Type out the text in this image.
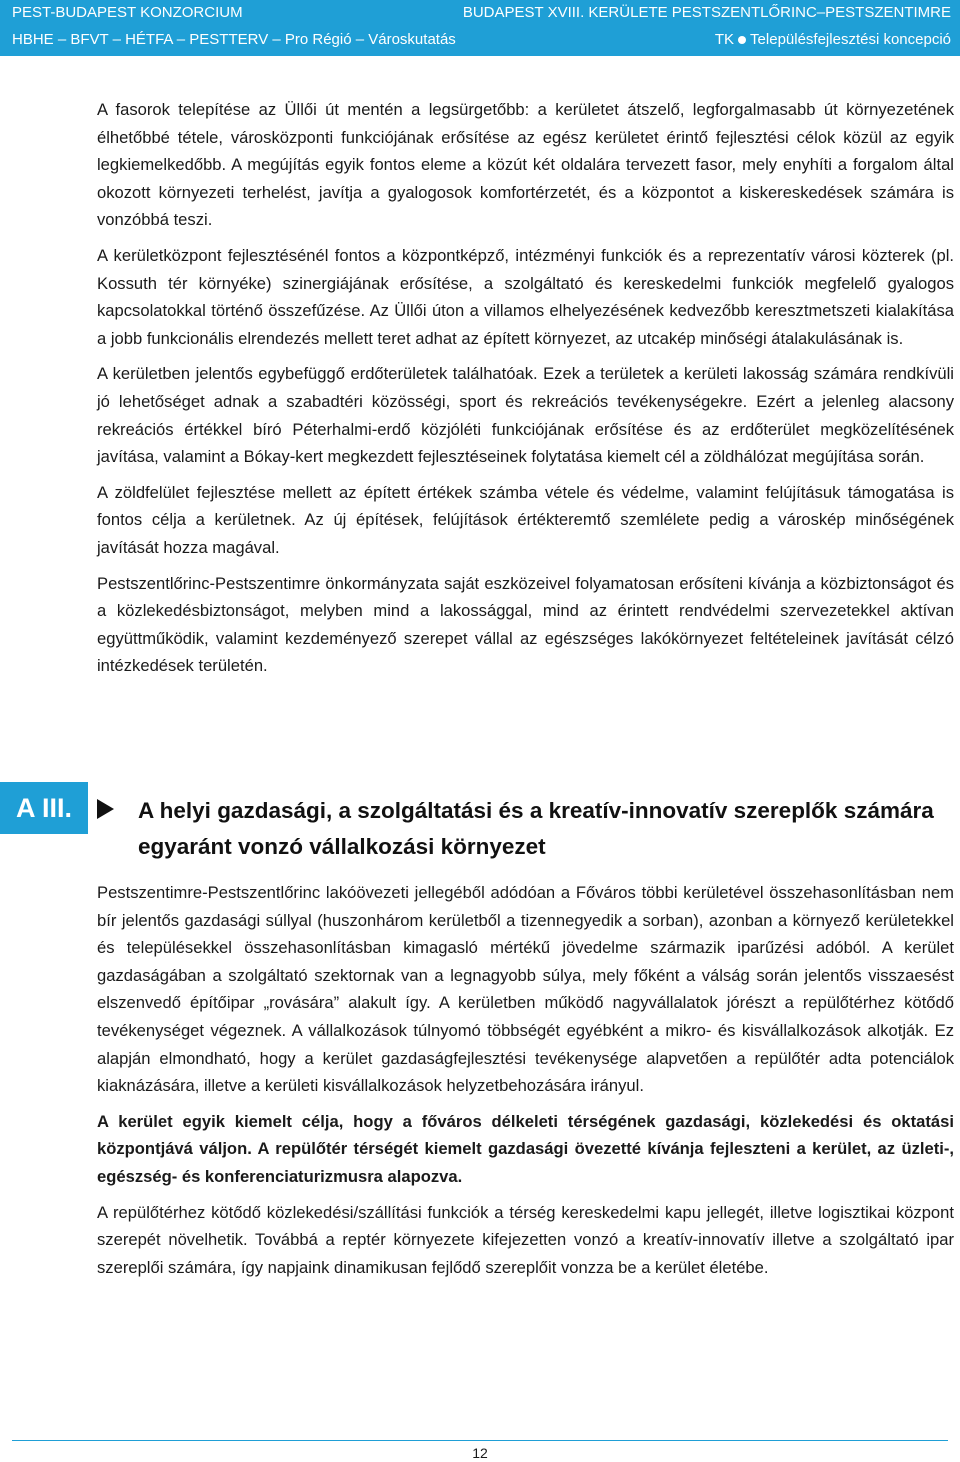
PEST-BUDAPEST KONZORCIUM	BUDAPEST XVIII. KERÜLETE PESTSZENTLŐRINC–PESTSZENTIMRE
HBHE – BFVT – HÉTFA – PESTTERV – Pro Régió – Városkutatás	TK Településfejlesztési koncepció

A fasorok telepítése az Üllői út mentén a legsürgetőbb: a kerületet átszelő, legforgalmasabb út környezetének élhetőbbé tétele, városközponti funkciójának erősítése az egész kerületet érintő fejlesztési célok közül az egyik legkiemelkedőbb. A megújítás egyik fontos eleme a közút két oldalára tervezett fasor, mely enyhíti a forgalom által okozott környezeti terhelést, javítja a gyalogosok komfortérzetét, és a központot a kiskereskedések számára is vonzóbbá teszi.

A kerületközpont fejlesztésénél fontos a központképző, intézményi funkciók és a reprezentatív városi közterek (pl. Kossuth tér környéke) szinergiájának erősítése, a szolgáltató és kereskedelmi funkciók megfelelő gyalogos kapcsolatokkal történő összefűzése. Az Üllői úton a villamos elhelyezésének kedvezőbb keresztmetszeti kialakítása a jobb funkcionális elrendezés mellett teret adhat az épített környezet, az utcakép minőségi átalakulásának is.

A kerületben jelentős egybefüggő erdőterületek találhatóak. Ezek a területek a kerületi lakosság számára rendkívüli jó lehetőséget adnak a szabadtéri közösségi, sport és rekreációs tevékenységekre. Ezért a jelenleg alacsony rekreációs értékkel bíró Péterhalmi-erdő közjóléti funkciójának erősítése és az erdőterület megközelítésének javítása, valamint a Bókay-kert megkezdett fejlesztéseinek folytatása kiemelt cél a zöldhálózat megújítása során.

A zöldfelület fejlesztése mellett az épített értékek számba vétele és védelme, valamint felújításuk támogatása is fontos célja a kerületnek. Az új építések, felújítások értékteremtő szemlélete pedig a városkép minőségének javítását hozza magával.

Pestszentlőrinc-Pestszentimre önkormányzata saját eszközeivel folyamatosan erősíteni kívánja a közbiztonságot és a közlekedésbiztonságot, melyben mind a lakossággal, mind az érintett rendvédelmi szervezetekkel aktívan együttműködik, valamint kezdeményező szerepet vállal az egészséges lakókörnyezet feltételeinek javítását célzó intézkedések területén.

A III.	A helyi gazdasági, a szolgáltatási és a kreatív-innovatív szereplők számára egyaránt vonzó vállalkozási környezet

Pestszentimre-Pestszentlőrinc lakóövezeti jellegéből adódóan a Főváros többi kerületével összehasonlításban nem bír jelentős gazdasági súllyal (huszonhárom kerületből a tizennegyedik a sorban), azonban a környező kerületekkel és településekkel összehasonlításban kimagasló mértékű jövedelme származik iparűzési adóból. A kerület gazdaságában a szolgáltató szektornak van a legnagyobb súlya, mely főként a válság során jelentős visszaesést elszenvedő építőipar „rovására” alakult így. A kerületben működő nagyvállalatok jórészt a repülőtérhez kötődő tevékenységet végeznek. A vállalkozások túlnyomó többségét egyébként a mikro- és kisvállalkozások alkotják. Ez alapján elmondható, hogy a kerület gazdaságfejlesztési tevékenysége alapvetően a repülőtér adta potenciálok kiaknázására, illetve a kerületi kisvállalkozások helyzetbehozására irányul.

A kerület egyik kiemelt célja, hogy a főváros délkeleti térségének gazdasági, közlekedési és oktatási központjává váljon. A repülőtér térségét kiemelt gazdasági övezetté kívánja fejleszteni a kerület, az üzleti-, egészség- és konferenciaturizmusra alapozva.

A repülőtérhez kötődő közlekedési/szállítási funkciók a térség kereskedelmi kapu jellegét, illetve logisztikai központ szerepét növelhetik. Továbbá a reptér környezete kifejezetten vonzó a kreatív-innovatív illetve a szolgáltató ipar szereplői számára, így napjaink dinamikusan fejlődő szereplőit vonzza be a kerület életébe.

12
